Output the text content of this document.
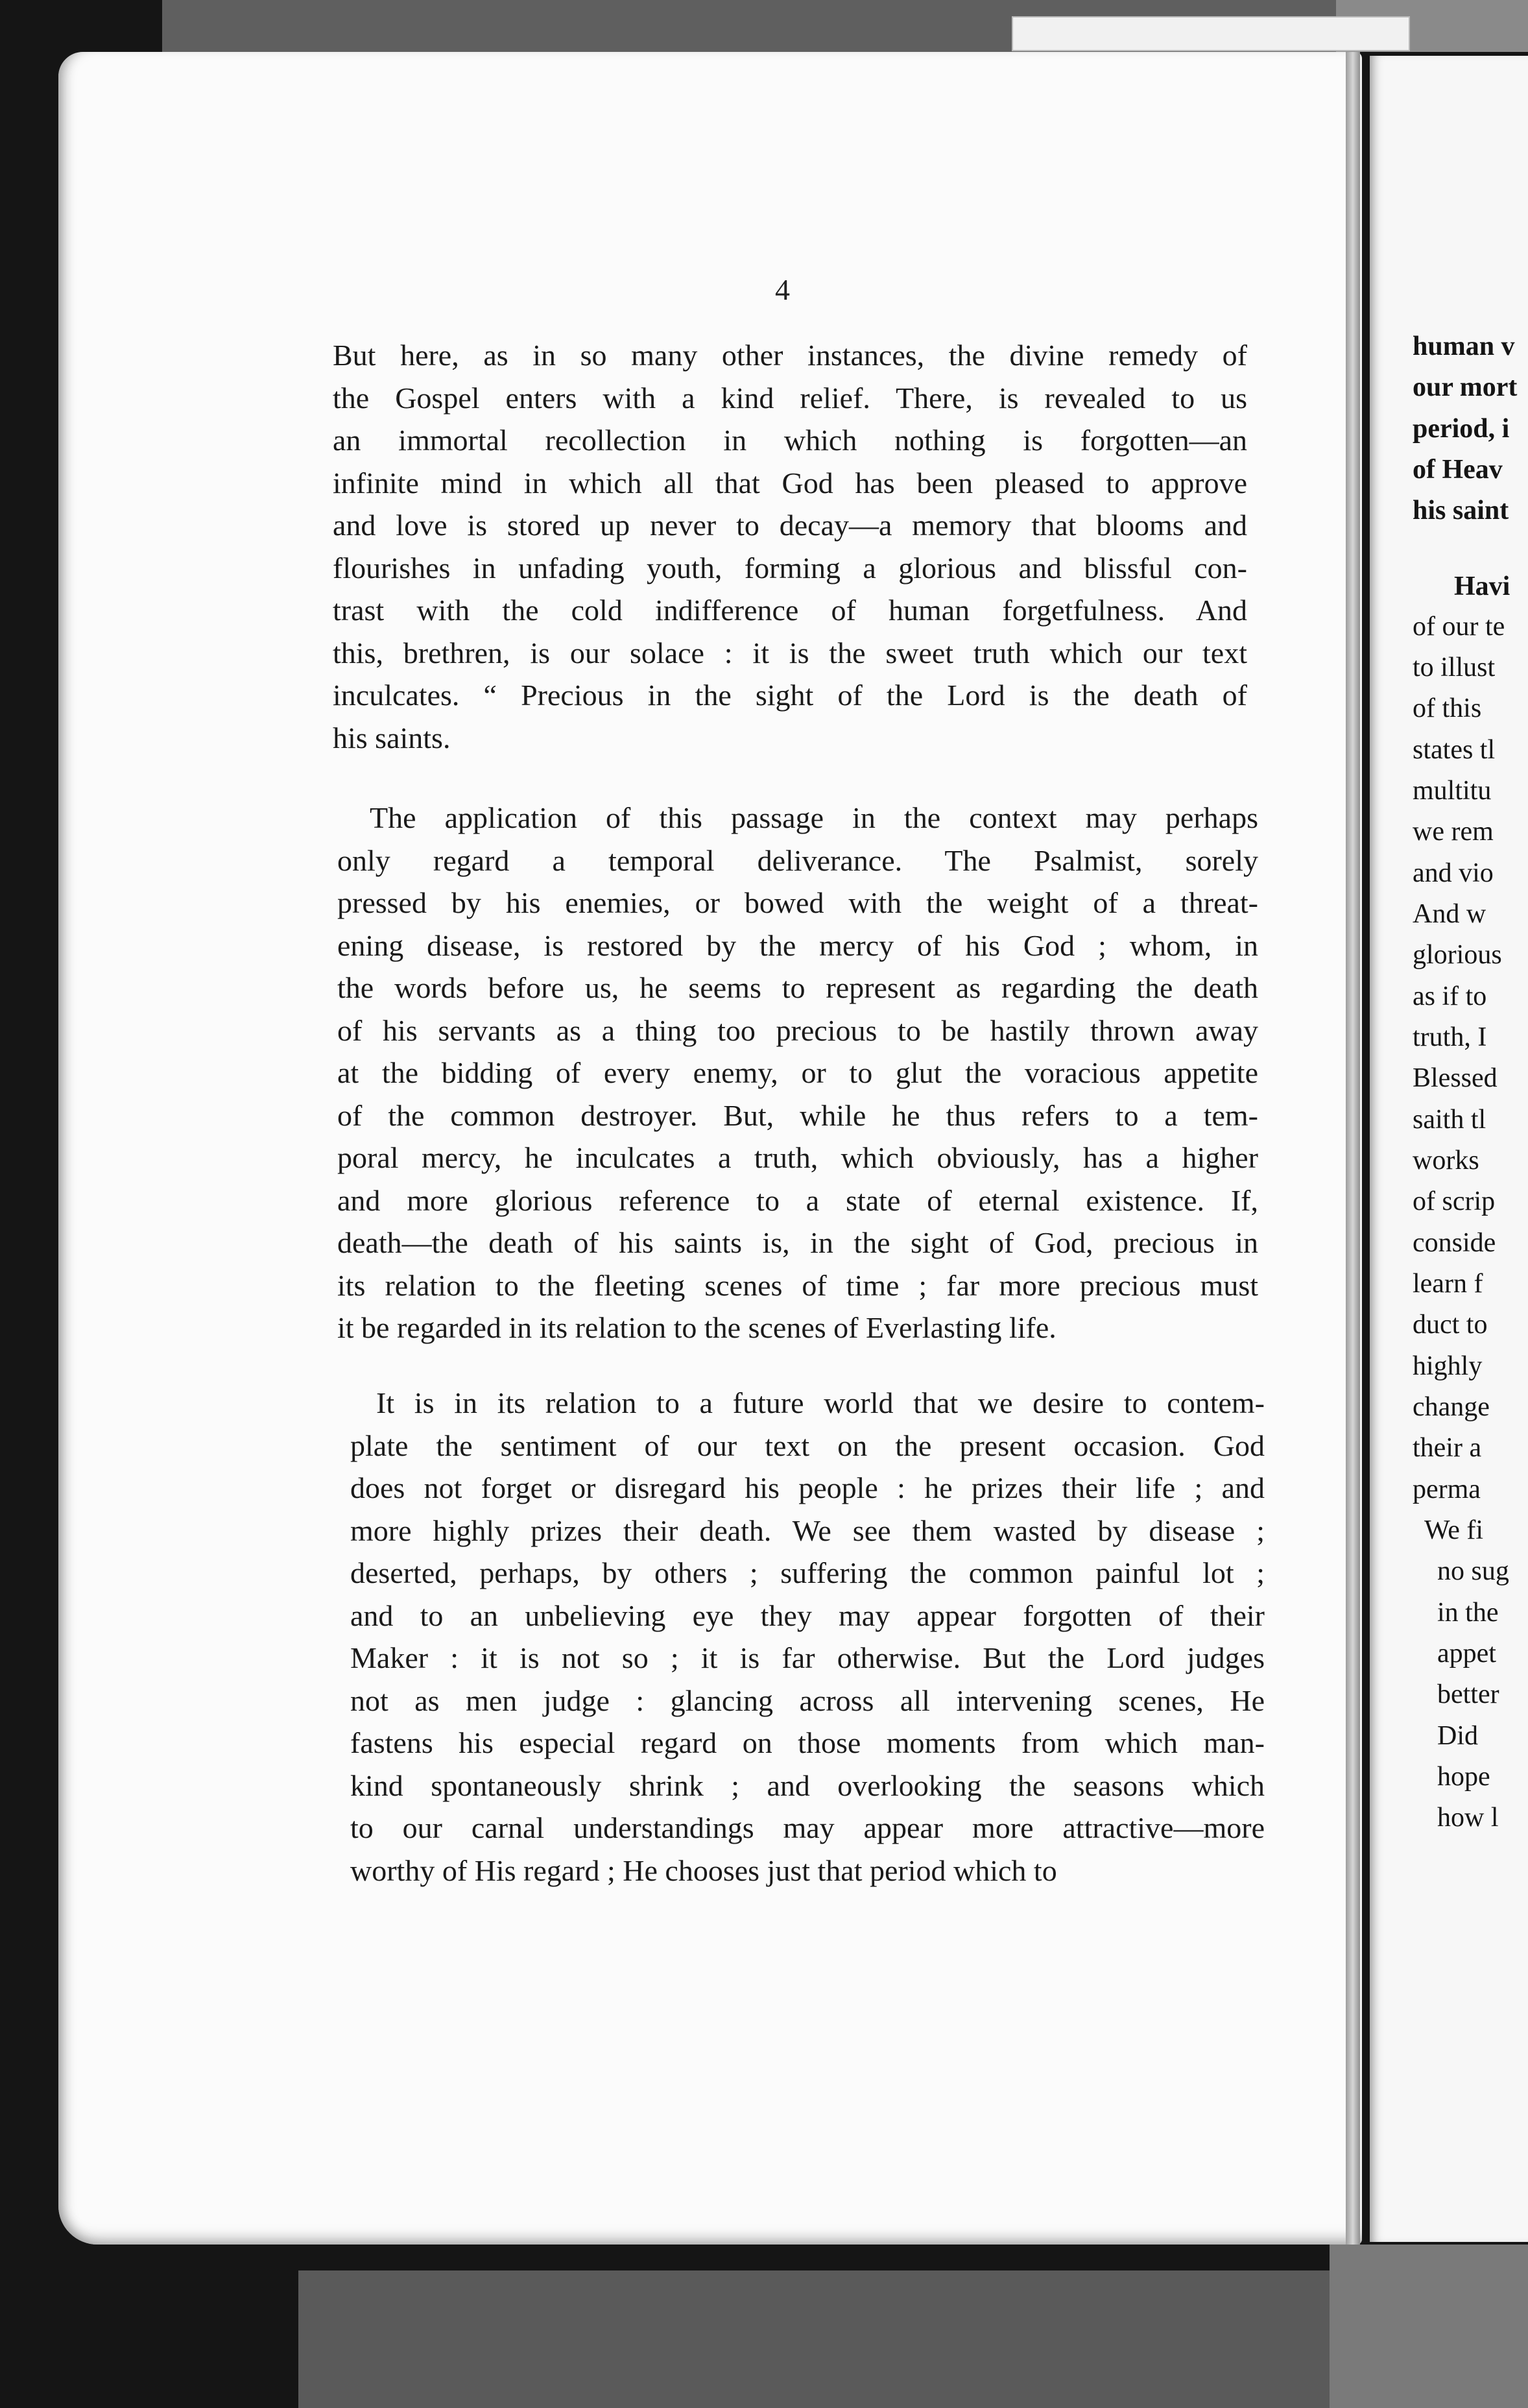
human v

our mort

period, i

of Heav

his saint

Havi

of our te

to illust

of this

states tl

multitu

we rem

and vio

And w

glorious

as if to

truth, I

Blessed

saith tl

works

of scrip

conside

learn f

duct to

highly

change

their a

perma

We fi

no sug

in the

appet

better

Did

hope

how l

4
But here, as in so many other instances, the divine remedy of
the Gospel enters with a kind relief. There, is revealed to us
an immortal recollection in which nothing is forgotten—an
infinite mind in which all that God has been pleased to approve
and love is stored up never to decay—a memory that blooms and
flourishes in unfading youth, forming a glorious and blissful con-
trast with the cold indifference of human forgetfulness. And
this, brethren, is our solace : it is the sweet truth which our text
inculcates. “ Precious in the sight of the Lord is the death of
his saints.
The application of this passage in the context may perhaps
only regard a temporal deliverance. The Psalmist, sorely
pressed by his enemies, or bowed with the weight of a threat-
ening disease, is restored by the mercy of his God ; whom, in
the words before us, he seems to represent as regarding the death
of his servants as a thing too precious to be hastily thrown away
at the bidding of every enemy, or to glut the voracious appetite
of the common destroyer. But, while he thus refers to a tem-
poral mercy, he inculcates a truth, which obviously, has a higher
and more glorious reference to a state of eternal existence. If,
death—the death of his saints is, in the sight of God, precious in
its relation to the fleeting scenes of time ; far more precious must
it be regarded in its relation to the scenes of Everlasting life.
It is in its relation to a future world that we desire to contem-
plate the sentiment of our text on the present occasion. God
does not forget or disregard his people : he prizes their life ; and
more highly prizes their death. We see them wasted by disease ;
deserted, perhaps, by others ; suffering the common painful lot ;
and to an unbelieving eye they may appear forgotten of their
Maker : it is not so ; it is far otherwise. But the Lord judges
not as men judge : glancing across all intervening scenes, He
fastens his especial regard on those moments from which man-
kind spontaneously shrink ; and overlooking the seasons which
to our carnal understandings may appear more attractive—more
worthy of His regard ; He chooses just that period which to
